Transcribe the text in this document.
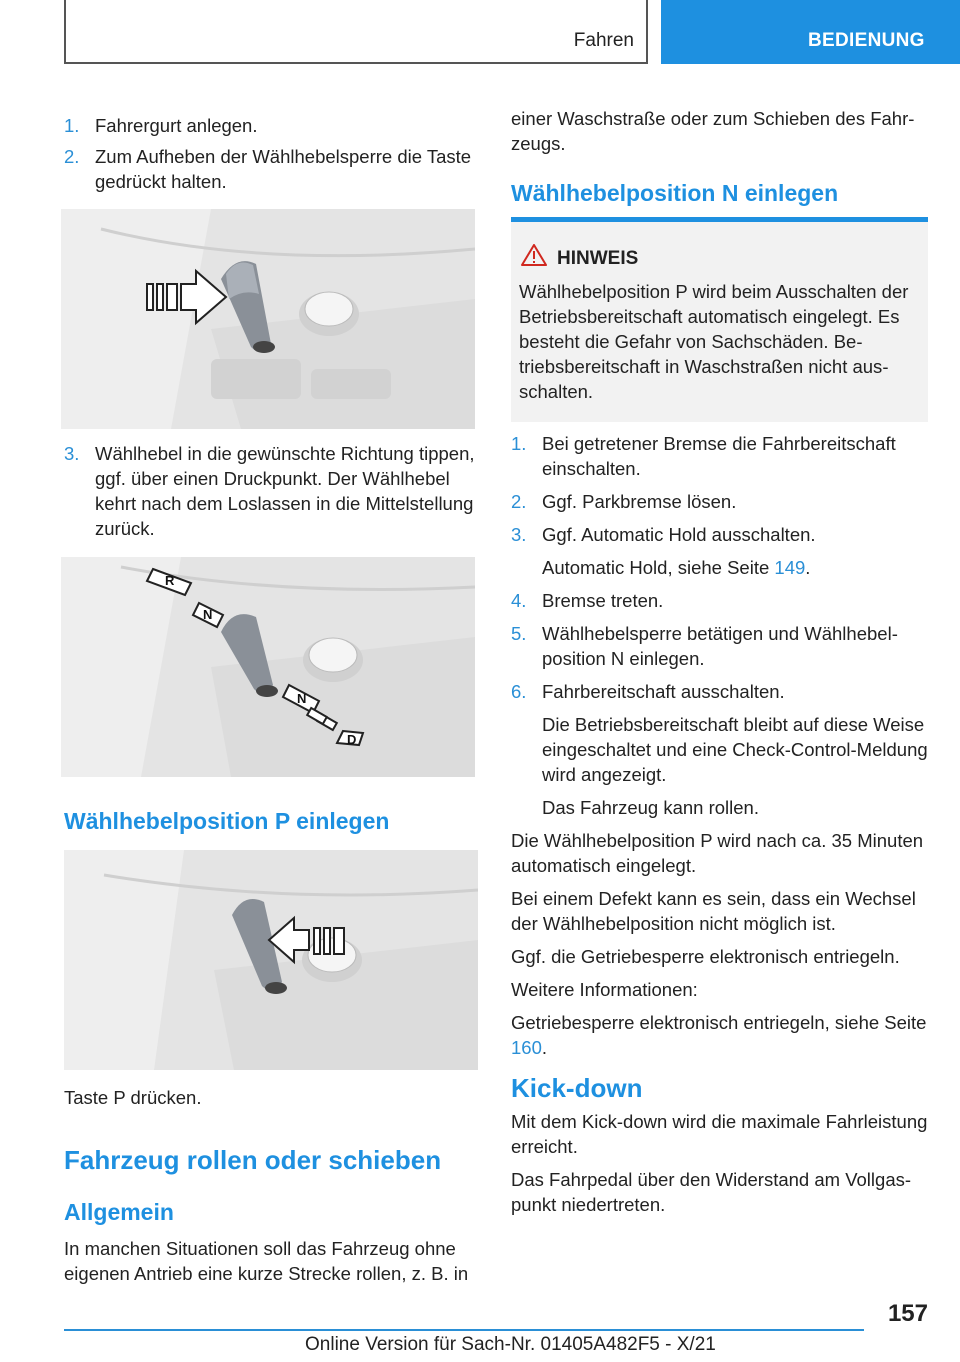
Fahren	BEDIENUNG
1. Fahrergurt anlegen.
2. Zum Aufheben der Wählhebelsperre die Taste gedrückt halten.
3. Wählhebel in die gewünschte Richtung tippen, ggf. über einen Druckpunkt. Der Wählhebel kehrt nach dem Loslassen in die Mittelstellung zurück.
R
N
N
D
Wählhebelposition P einlegen

Taste P drücken.

Fahrzeug rollen oder schieben
Allgemein

In manchen Situationen soll das Fahrzeug ohne eigenen Antrieb eine kurze Strecke rollen, z. B. in

einer Waschstraße oder zum Schieben des Fahrzeugs.

Wählhebelposition N einlegen
HINWEIS
Wählhebelposition P wird beim Ausschalten der Betriebsbereitschaft automatisch eingelegt. Es besteht die Gefahr von Sachschäden. Betriebsbereitschaft in Waschstraßen nicht ausschalten.
1. Bei getretener Bremse die Fahrbereitschaft einschalten.
2. Ggf. Parkbremse lösen.
3. Ggf. Automatic Hold ausschalten.
Automatic Hold, siehe Seite 149.
4. Bremse treten.
5. Wählhebelsperre betätigen und Wählhebelposition N einlegen.
6. Fahrbereitschaft ausschalten.
Die Betriebsbereitschaft bleibt auf diese Weise eingeschaltet und eine Check-Control-Meldung wird angezeigt.
Das Fahrzeug kann rollen.

Die Wählhebelposition P wird nach ca. 35 Minuten automatisch eingelegt.

Bei einem Defekt kann es sein, dass ein Wechsel der Wählhebelposition nicht möglich ist.

Ggf. die Getriebesperre elektronisch entriegeln.

Weitere Informationen:

Getriebesperre elektronisch entriegeln, siehe Seite 160.

Kick-down

Mit dem Kick-down wird die maximale Fahrleistung erreicht.

Das Fahrpedal über den Widerstand am Vollgaspunkt niedertreten.

157
Online Version für Sach-Nr. 01405A482F5 - X/21
